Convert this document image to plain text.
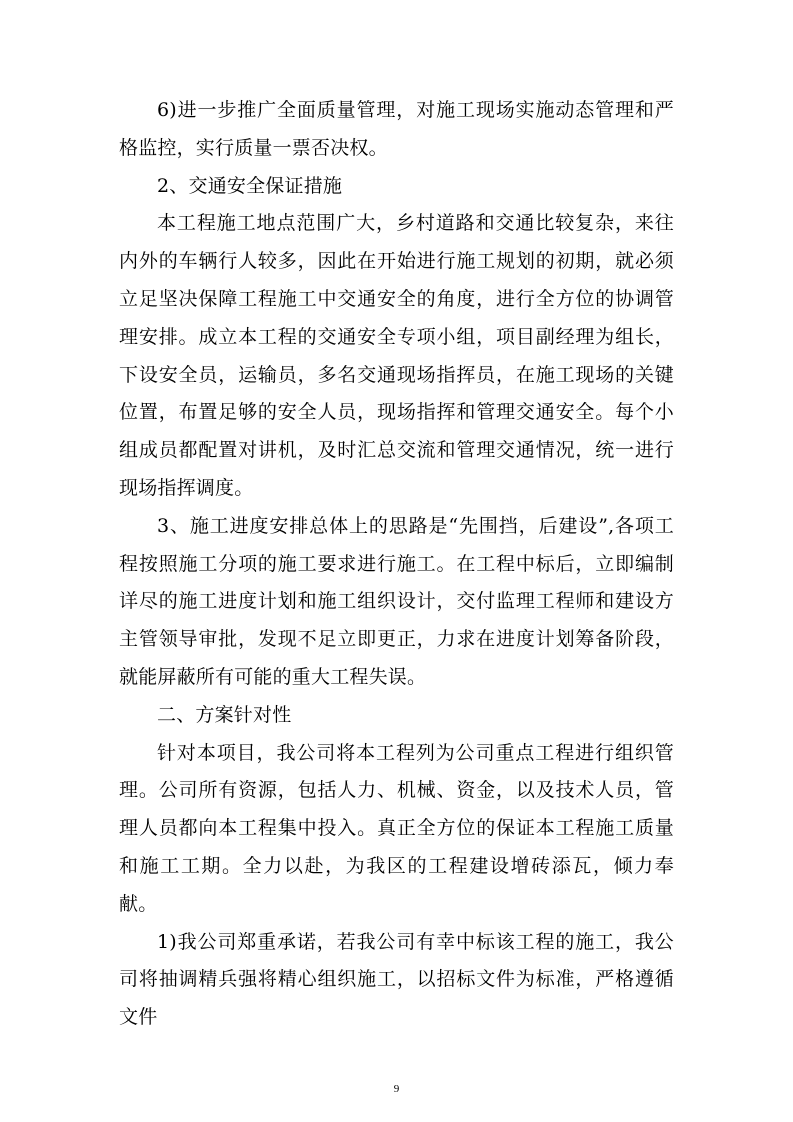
6)进一步推广全面质量管理，对施工现场实施动态管理和严格监控，实行质量一票否决权。

2、交通安全保证措施

本工程施工地点范围广大，乡村道路和交通比较复杂，来往内外的车辆行人较多，因此在开始进行施工规划的初期，就必须立足坚决保障工程施工中交通安全的角度，进行全方位的协调管理安排。成立本工程的交通安全专项小组，项目副经理为组长，下设安全员，运输员，多名交通现场指挥员，在施工现场的关键位置，布置足够的安全人员，现场指挥和管理交通安全。每个小组成员都配置对讲机，及时汇总交流和管理交通情况，统一进行现场指挥调度。

3、施工进度安排总体上的思路是“先围挡，后建设”,各项工程按照施工分项的施工要求进行施工。在工程中标后，立即编制详尽的施工进度计划和施工组织设计，交付监理工程师和建设方主管领导审批，发现不足立即更正，力求在进度计划筹备阶段，就能屏蔽所有可能的重大工程失误。

二、方案针对性

针对本项目，我公司将本工程列为公司重点工程进行组织管理。公司所有资源，包括人力、机械、资金，以及技术人员，管理人员都向本工程集中投入。真正全方位的保证本工程施工质量和施工工期。全力以赴，为我区的工程建设增砖添瓦，倾力奉献。

1)我公司郑重承诺，若我公司有幸中标该工程的施工，我公司将抽调精兵强将精心组织施工，以招标文件为标准，严格遵循文件

9
